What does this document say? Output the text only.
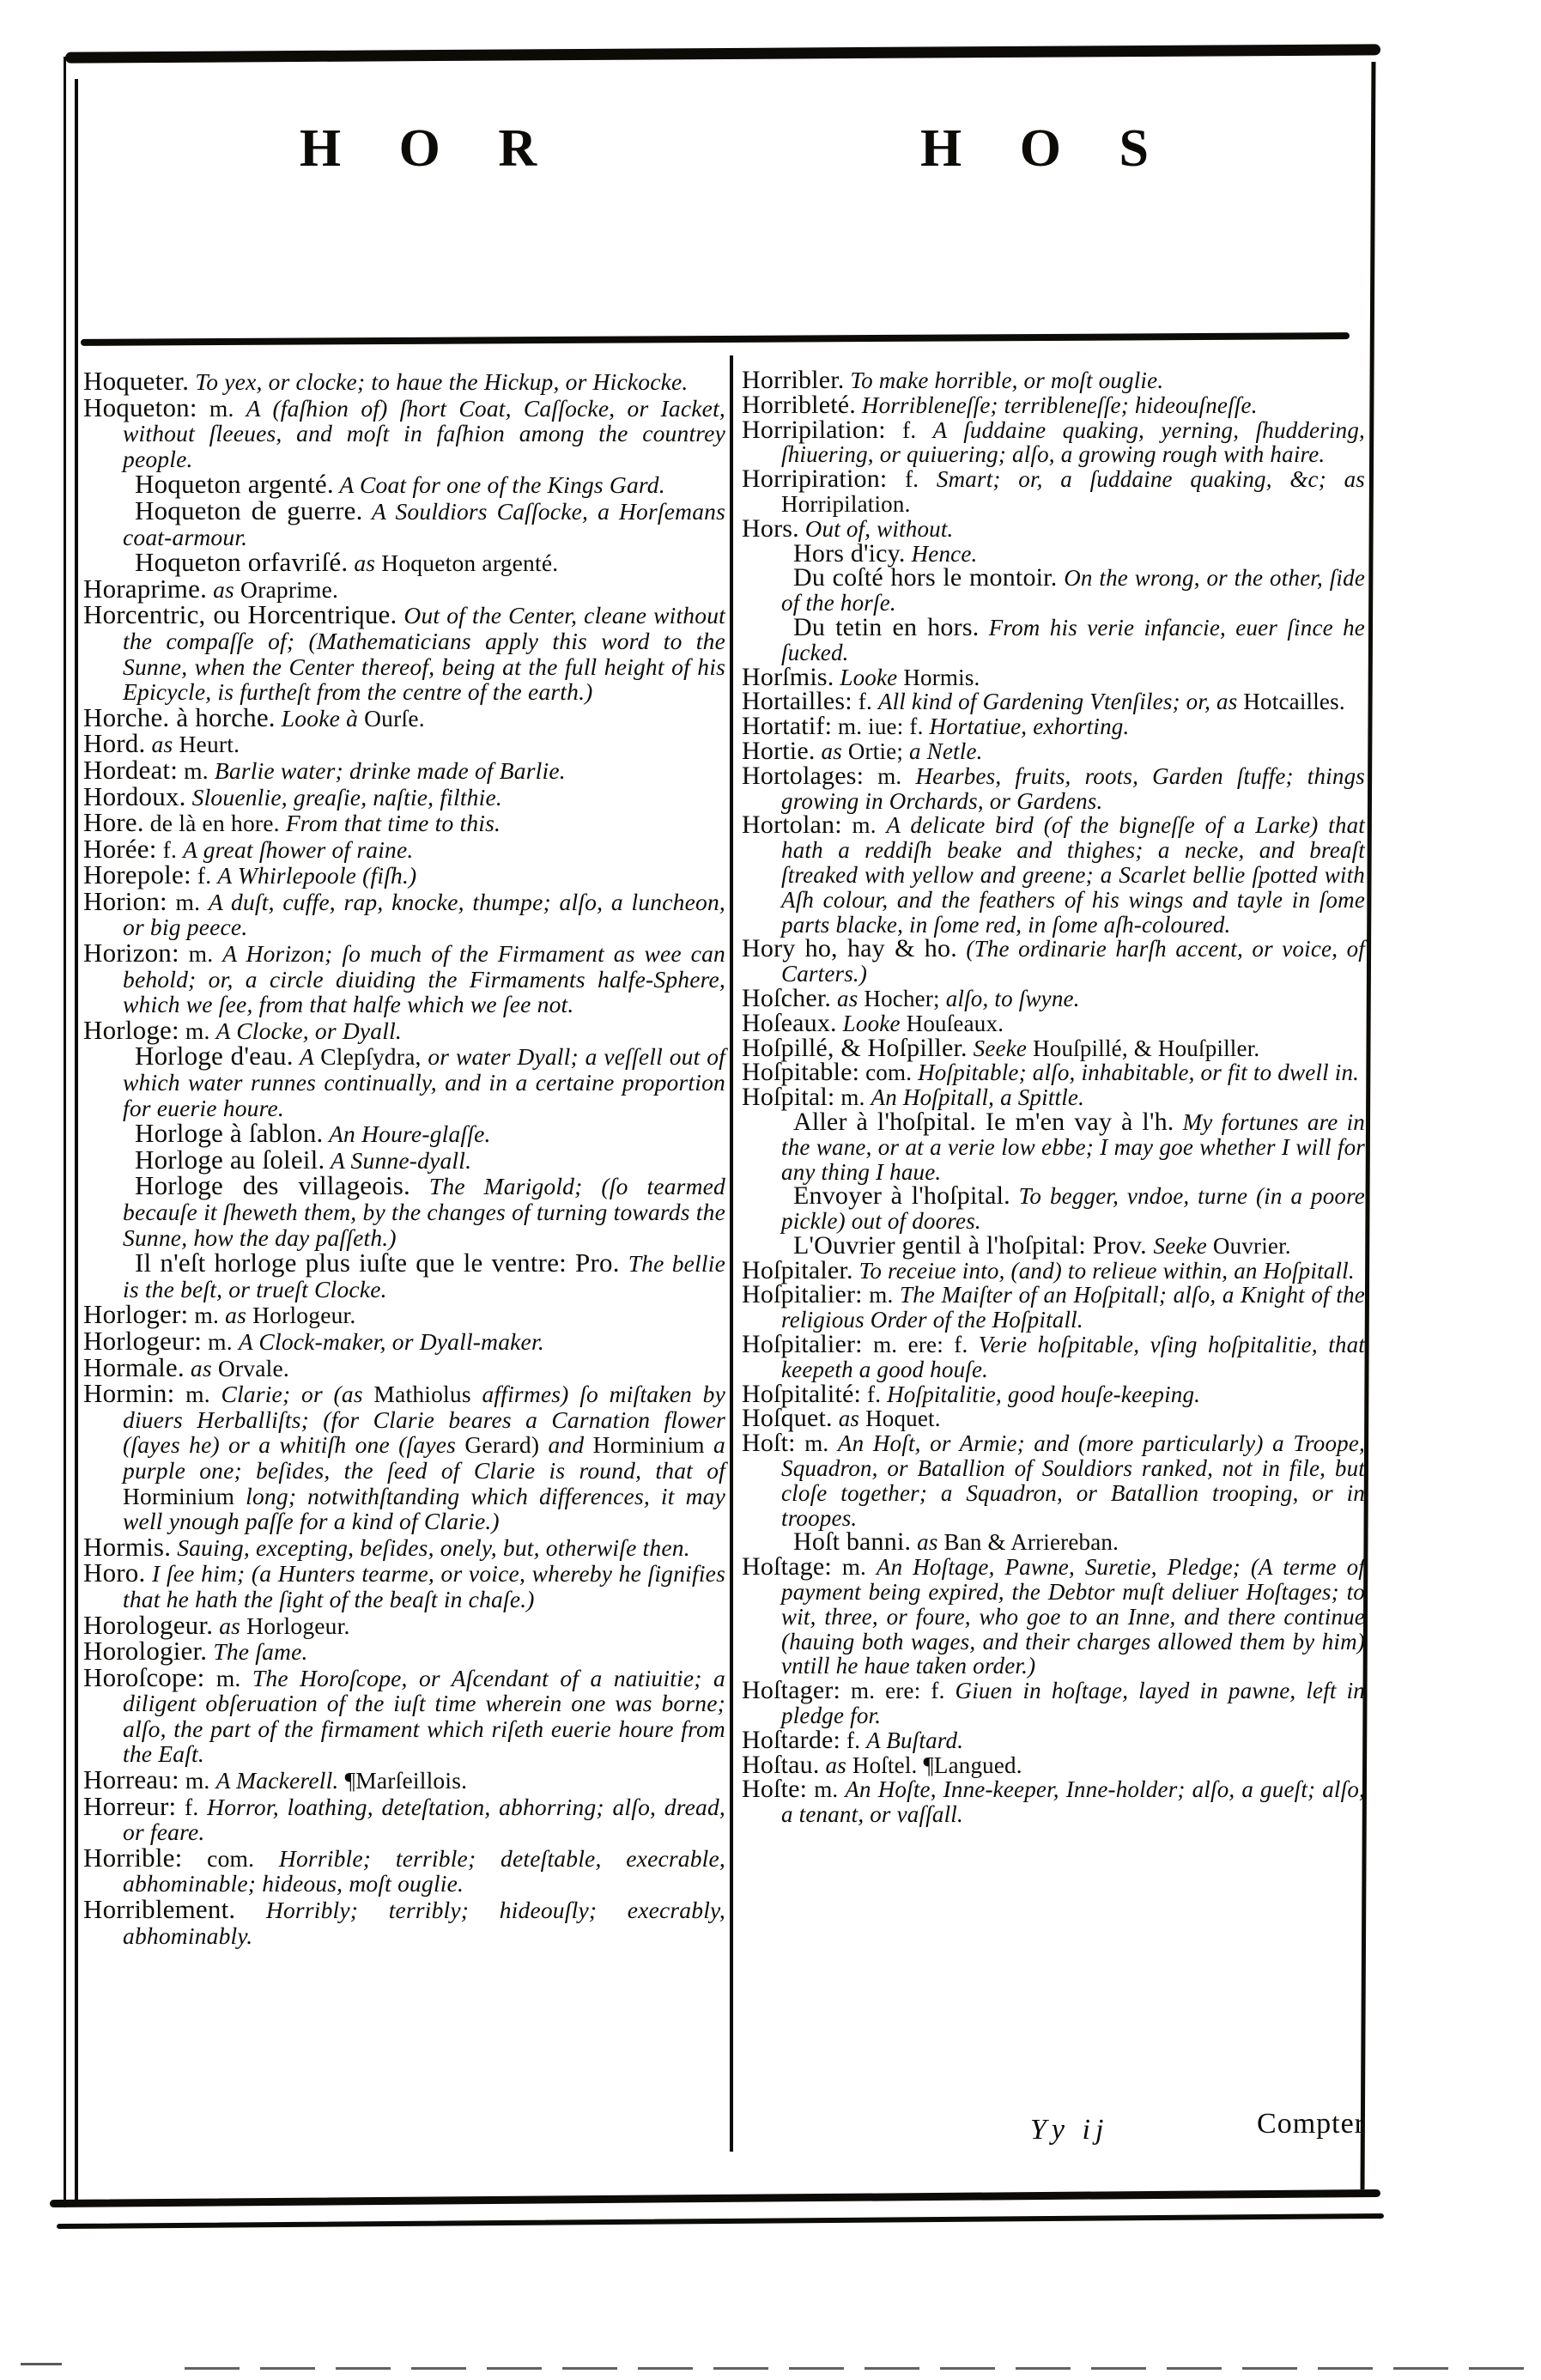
H O R	H O S
Hoqueter. To yex, or clocke; to haue the Hickup, or Hickocke.
Hoqueton: m. A (faſhion of) ſhort Coat, Caſſocke, or Iacket, without ſleeues, and moſt in faſhion among the countrey people.
Hoqueton argenté. A Coat for one of the Kings Gard.
Hoqueton de guerre. A Souldiors Caſſocke, a Horſemans coat-armour.
Hoqueton orfavriſé. as Hoqueton argenté.
Horaprime. as Oraprime.
Horcentric, ou Horcentrique. Out of the Center, cleane without the compaſſe of; (Mathematicians apply this word to the Sunne, when the Center thereof, being at the full height of his Epicycle, is furtheſt from the centre of the earth.)
Horche. à horche. Looke à Ourſe.
Hord. as Heurt.
Hordeat: m. Barlie water; drinke made of Barlie.
Hordoux. Slouenlie, greaſie, naſtie, filthie.
Hore. de là en hore. From that time to this.
Horée: f. A great ſhower of raine.
Horepole: f. A Whirlepoole (fiſh.)
Horion: m. A duſt, cuffe, rap, knocke, thumpe; alſo, a luncheon, or big peece.
Horizon: m. A Horizon; ſo much of the Firmament as wee can behold; or, a circle diuiding the Firmaments halfe-Sphere, which we ſee, from that halfe which we ſee not.
Horloge: m. A Clocke, or Dyall.
Horloge d'eau. A Clepſydra, or water Dyall; a veſſell out of which water runnes continually, and in a certaine proportion for euerie houre.
Horloge à ſablon. An Houre-glaſſe.
Horloge au ſoleil. A Sunne-dyall.
Horloge des villageois. The Marigold; (ſo tearmed becauſe it ſheweth them, by the changes of turning towards the Sunne, how the day paſſeth.)
Il n'eſt horloge plus iuſte que le ventre: Pro. The bellie is the beſt, or trueſt Clocke.
Horloger: m. as Horlogeur.
Horlogeur: m. A Clock-maker, or Dyall-maker.
Hormale. as Orvale.
Hormin: m. Clarie; or (as Mathiolus affirmes) ſo miſtaken by diuers Herballiſts; (for Clarie beares a Carnation flower (ſayes he) or a whitiſh one (ſayes Gerard) and Horminium a purple one; beſides, the ſeed of Clarie is round, that of Horminium long; notwithſtanding which differences, it may well ynough paſſe for a kind of Clarie.)
Hormis. Sauing, excepting, beſides, onely, but, otherwiſe then.
Horo. I ſee him; (a Hunters tearme, or voice, whereby he ſignifies that he hath the ſight of the beaſt in chaſe.)
Horologeur. as Horlogeur.
Horologier. The ſame.
Horoſcope: m. The Horoſcope, or Aſcendant of a natiuitie; a diligent obſeruation of the iuſt time wherein one was borne; alſo, the part of the firmament which riſeth euerie houre from the Eaſt.
Horreau: m. A Mackerell. ¶Marſeillois.
Horreur: f. Horror, loathing, deteſtation, abhorring; alſo, dread, or feare.
Horrible: com. Horrible; terrible; deteſtable, execrable, abhominable; hideous, moſt ouglie.
Horriblement. Horribly; terribly; hideouſly; execrably, abhominably.
Horribler. To make horrible, or moſt ouglie.
Horribleté. Horribleneſſe; terribleneſſe; hideouſneſſe.
Horripilation: f. A ſuddaine quaking, yerning, ſhuddering, ſhiuering, or quiuering; alſo, a growing rough with haire.
Horripiration: f. Smart; or, a ſuddaine quaking, &c; as Horripilation.
Hors. Out of, without.
Hors d'icy. Hence.
Du coſté hors le montoir. On the wrong, or the other, ſide of the horſe.
Du tetin en hors. From his verie infancie, euer ſince he ſucked.
Horſmis. Looke Hormis.
Hortailles: f. All kind of Gardening Vtenſiles; or, as Hotcailles.
Hortatif: m. iue: f. Hortatiue, exhorting.
Hortie. as Ortie; a Netle.
Hortolages: m. Hearbes, fruits, roots, Garden ſtuffe; things growing in Orchards, or Gardens.
Hortolan: m. A delicate bird (of the bigneſſe of a Larke) that hath a reddiſh beake and thighes; a necke, and breaſt ſtreaked with yellow and greene; a Scarlet bellie ſpotted with Aſh colour, and the feathers of his wings and tayle in ſome parts blacke, in ſome red, in ſome aſh-coloured.
Hory ho, hay & ho. (The ordinarie harſh accent, or voice, of Carters.)
Hoſcher. as Hocher; alſo, to ſwyne.
Hoſeaux. Looke Houſeaux.
Hoſpillé, & Hoſpiller. Seeke Houſpillé, & Houſpiller.
Hoſpitable: com. Hoſpitable; alſo, inhabitable, or fit to dwell in.
Hoſpital: m. An Hoſpitall, a Spittle.
Aller à l'hoſpital. Ie m'en vay à l'h. My fortunes are in the wane, or at a verie low ebbe; I may goe whether I will for any thing I haue.
Envoyer à l'hoſpital. To begger, vndoe, turne (in a poore pickle) out of doores.
L'Ouvrier gentil à l'hoſpital: Prov. Seeke Ouvrier.
Hoſpitaler. To receiue into, (and) to relieue within, an Hoſpitall.
Hoſpitalier: m. The Maiſter of an Hoſpitall; alſo, a Knight of the religious Order of the Hoſpitall.
Hoſpitalier: m. ere: f. Verie hoſpitable, vſing hoſpitalitie, that keepeth a good houſe.
Hoſpitalité: f. Hoſpitalitie, good houſe-keeping.
Hoſquet. as Hoquet.
Hoſt: m. An Hoſt, or Armie; and (more particularly) a Troope, Squadron, or Batallion of Souldiors ranked, not in file, but cloſe together; a Squadron, or Batallion trooping, or in troopes.
Hoſt banni. as Ban & Arriereban.
Hoſtage: m. An Hoſtage, Pawne, Suretie, Pledge; (A terme of payment being expired, the Debtor muſt deliuer Hoſtages; to wit, three, or foure, who goe to an Inne, and there continue (hauing both wages, and their charges allowed them by him) vntill he haue taken order.)
Hoſtager: m. ere: f. Giuen in hoſtage, layed in pawne, left in pledge for.
Hoſtarde: f. A Buſtard.
Hoſtau. as Hoſtel. ¶Langued.
Hoſte: m. An Hoſte, Inne-keeper, Inne-holder; alſo, a gueſt; alſo, a tenant, or vaſſall.
Yy ij	Compter
